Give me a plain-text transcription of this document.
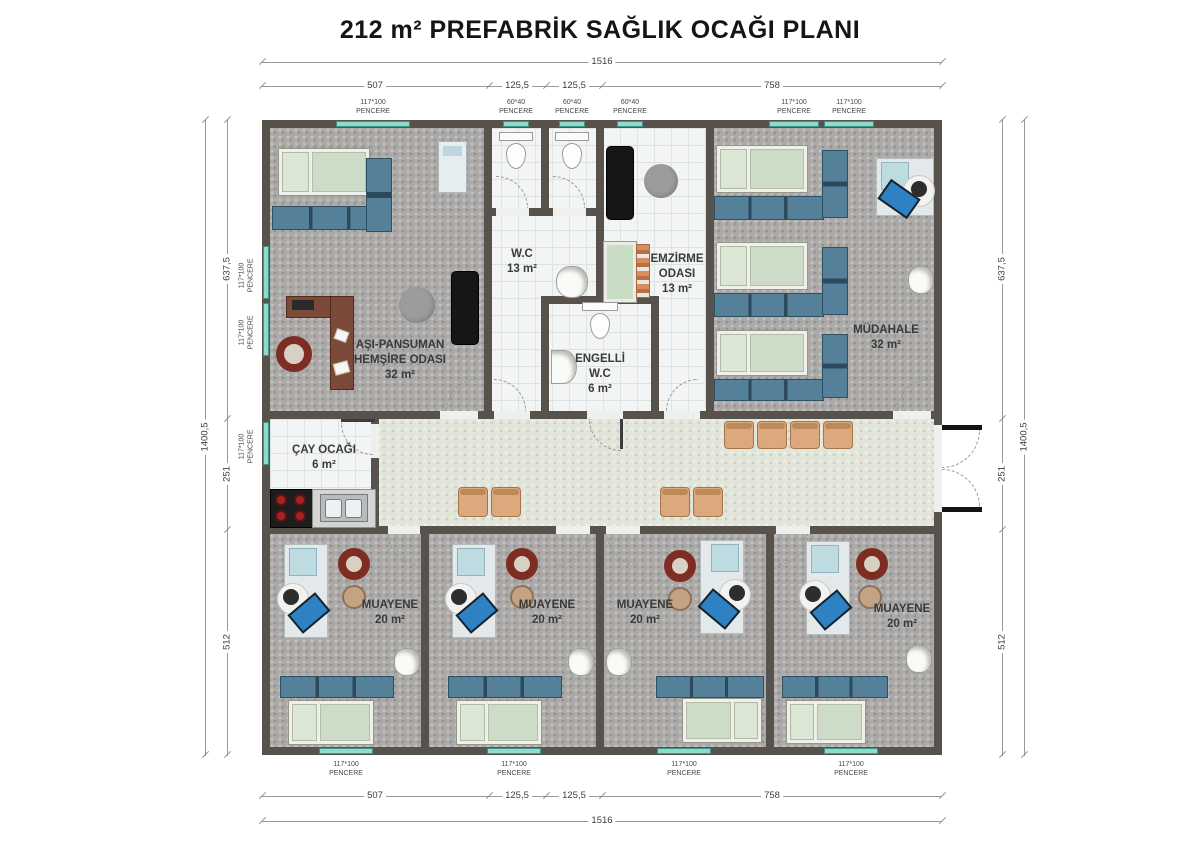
212 m² PREFABRİK SAĞLIK OCAĞI PLANI
117*100
PENCERE
60*40
PENCERE
60*40
PENCERE
60*40
PENCERE
117*100
PENCERE
117*100
PENCERE
117*100
PENCERE
117*100
PENCERE
117*100
PENCERE
117*100
PENCERE
117*100 PENCERE
117*100 PENCERE
117*100 PENCERE
1516
507	125,5	125,5	758
507	125,5	125,5	758
1516
637,5
251
512
1400,5
637,5
251
512
1400,5
AŞI-PANSUMAN HEMŞİRE ODASI
32 m²
W.C
13 m²
EMZİRME ODASI
13 m²
ENGELLİ W.C
6 m²
MÜDAHALE
32 m²
ÇAY OCAĞI
6 m²
MUAYENE
20 m²
MUAYENE
20 m²
MUAYENE
20 m²
MUAYENE
20 m²
